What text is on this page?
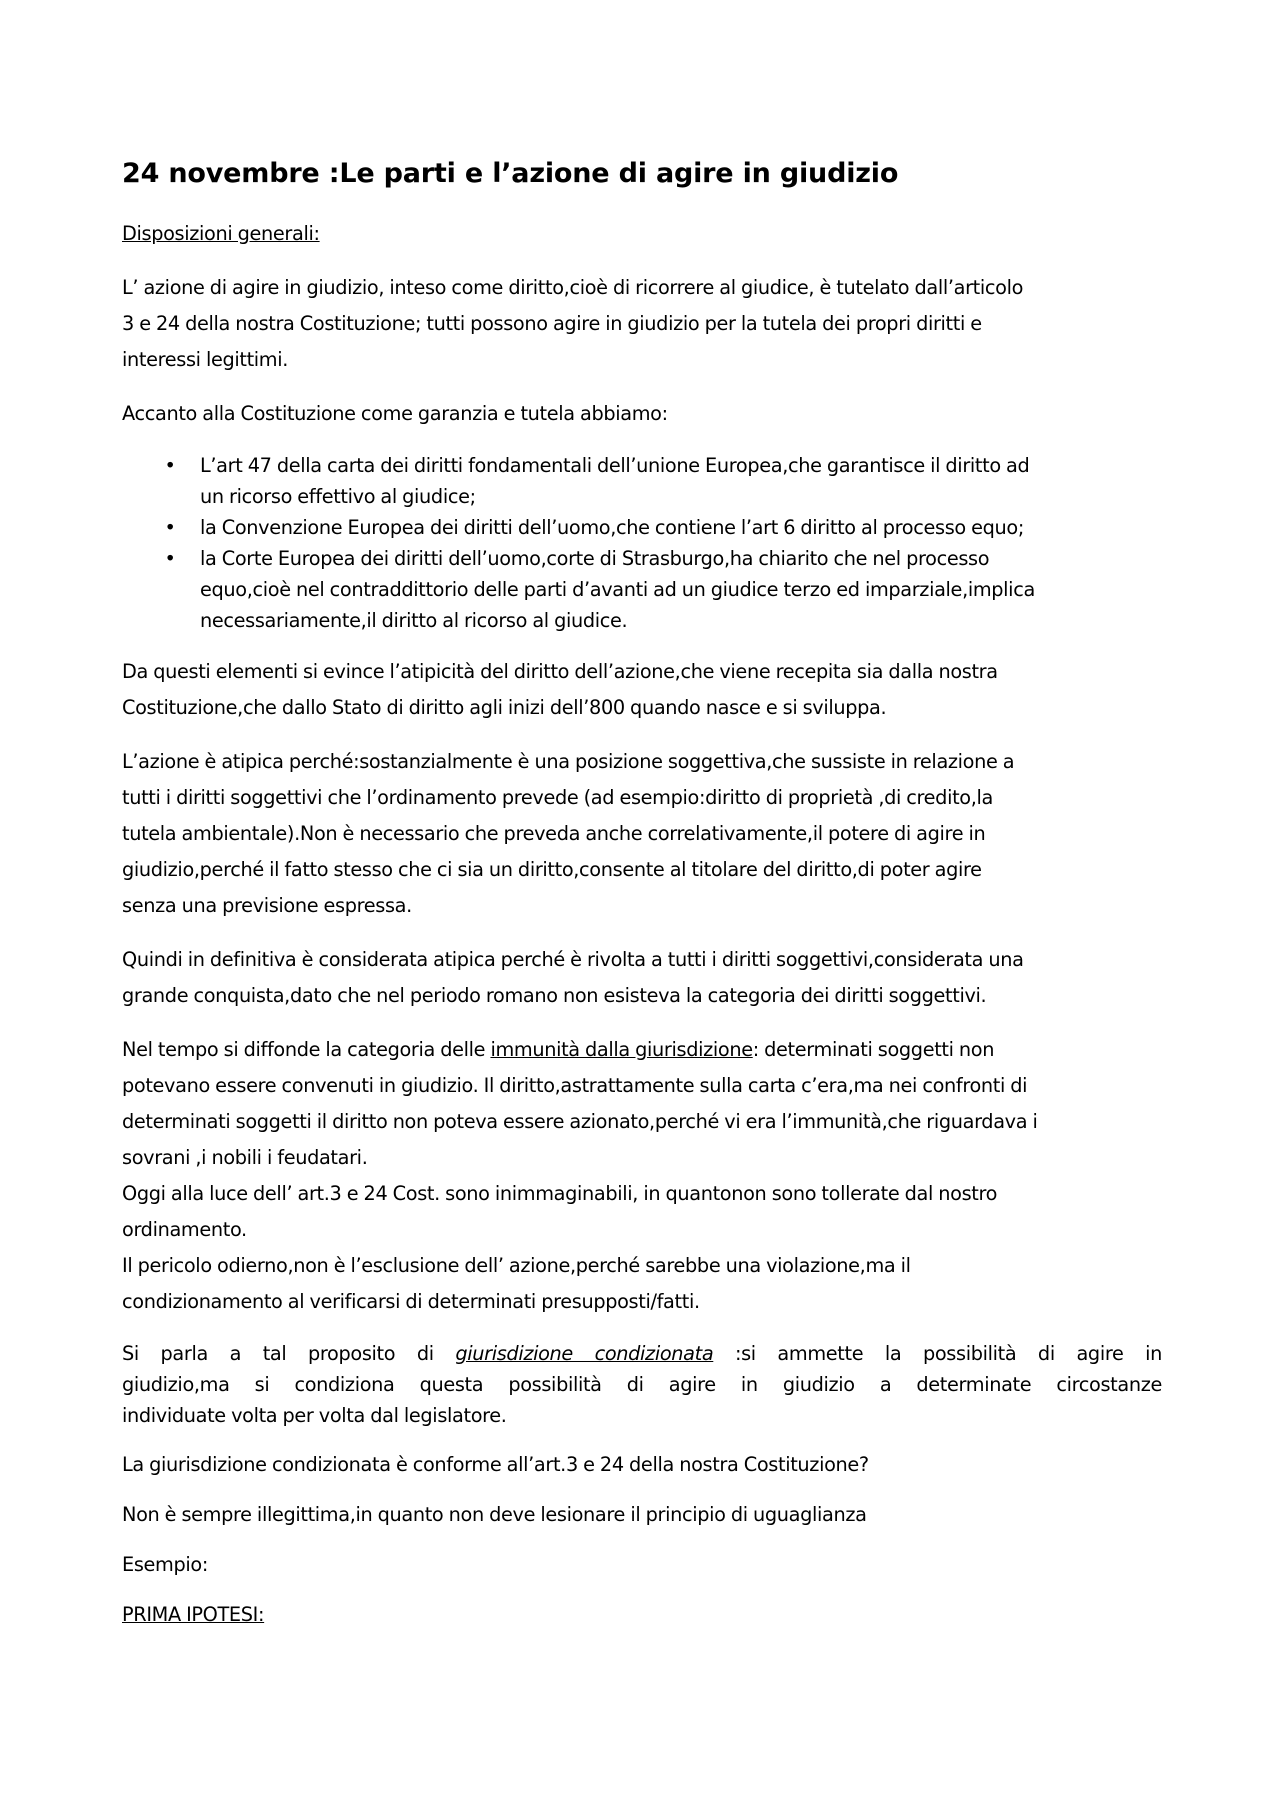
24 novembre :Le parti e l’azione di agire in giudizio

Disposizioni generali:

L’ azione di agire in giudizio, inteso come diritto,cioè di ricorrere al giudice, è tutelato dall’articolo
3 e 24 della nostra Costituzione; tutti possono agire in giudizio per la tutela dei propri diritti e
interessi legittimi.

Accanto alla Costituzione come garanzia e tutela abbiamo:

• L’art 47 della carta dei diritti fondamentali dell’unione Europea,che garantisce il diritto ad
un ricorso effettivo al giudice;
• la Convenzione Europea dei diritti dell’uomo,che contiene l’art 6 diritto al processo equo;
• la Corte Europea dei diritti dell’uomo,corte di Strasburgo,ha chiarito che nel processo
equo,cioè nel contraddittorio delle parti d’avanti ad un giudice terzo ed imparziale,implica
necessariamente,il diritto al ricorso al giudice.

Da questi elementi si evince l’atipicità del diritto dell’azione,che viene recepita sia dalla nostra
Costituzione,che dallo Stato di diritto agli inizi dell’800 quando nasce e si sviluppa.

L’azione è atipica perché:sostanzialmente è una posizione soggettiva,che sussiste in relazione a
tutti i diritti soggettivi che l’ordinamento prevede (ad esempio:diritto di proprietà ,di credito,la
tutela ambientale).Non è necessario che preveda anche correlativamente,il potere di agire in
giudizio,perché il fatto stesso che ci sia un diritto,consente al titolare del diritto,di poter agire
senza una previsione espressa.

Quindi in definitiva è considerata atipica perché è rivolta a tutti i diritti soggettivi,considerata una
grande conquista,dato che nel periodo romano non esisteva la categoria dei diritti soggettivi.

Nel tempo si diffonde la categoria delle immunità dalla giurisdizione: determinati soggetti non
potevano essere convenuti in giudizio. Il diritto,astrattamente sulla carta c’era,ma nei confronti di
determinati soggetti il diritto non poteva essere azionato,perché vi era l’immunità,che riguardava i
sovrani ,i nobili i feudatari.
Oggi alla luce dell’ art.3 e 24 Cost. sono inimmaginabili, in quantonon sono tollerate dal nostro
ordinamento.
Il pericolo odierno,non è l’esclusione dell’ azione,perché sarebbe una violazione,ma il
condizionamento al verificarsi di determinati presupposti/fatti.

Si parla a tal proposito di giurisdizione condizionata :si ammette la possibilità di agire in
giudizio,ma si condiziona questa possibilità di agire in giudizio a determinate circostanze
individuate volta per volta dal legislatore.

La giurisdizione condizionata è conforme all’art.3 e 24 della nostra Costituzione?

Non è sempre illegittima,in quanto non deve lesionare il principio di uguaglianza

Esempio:

PRIMA IPOTESI:
